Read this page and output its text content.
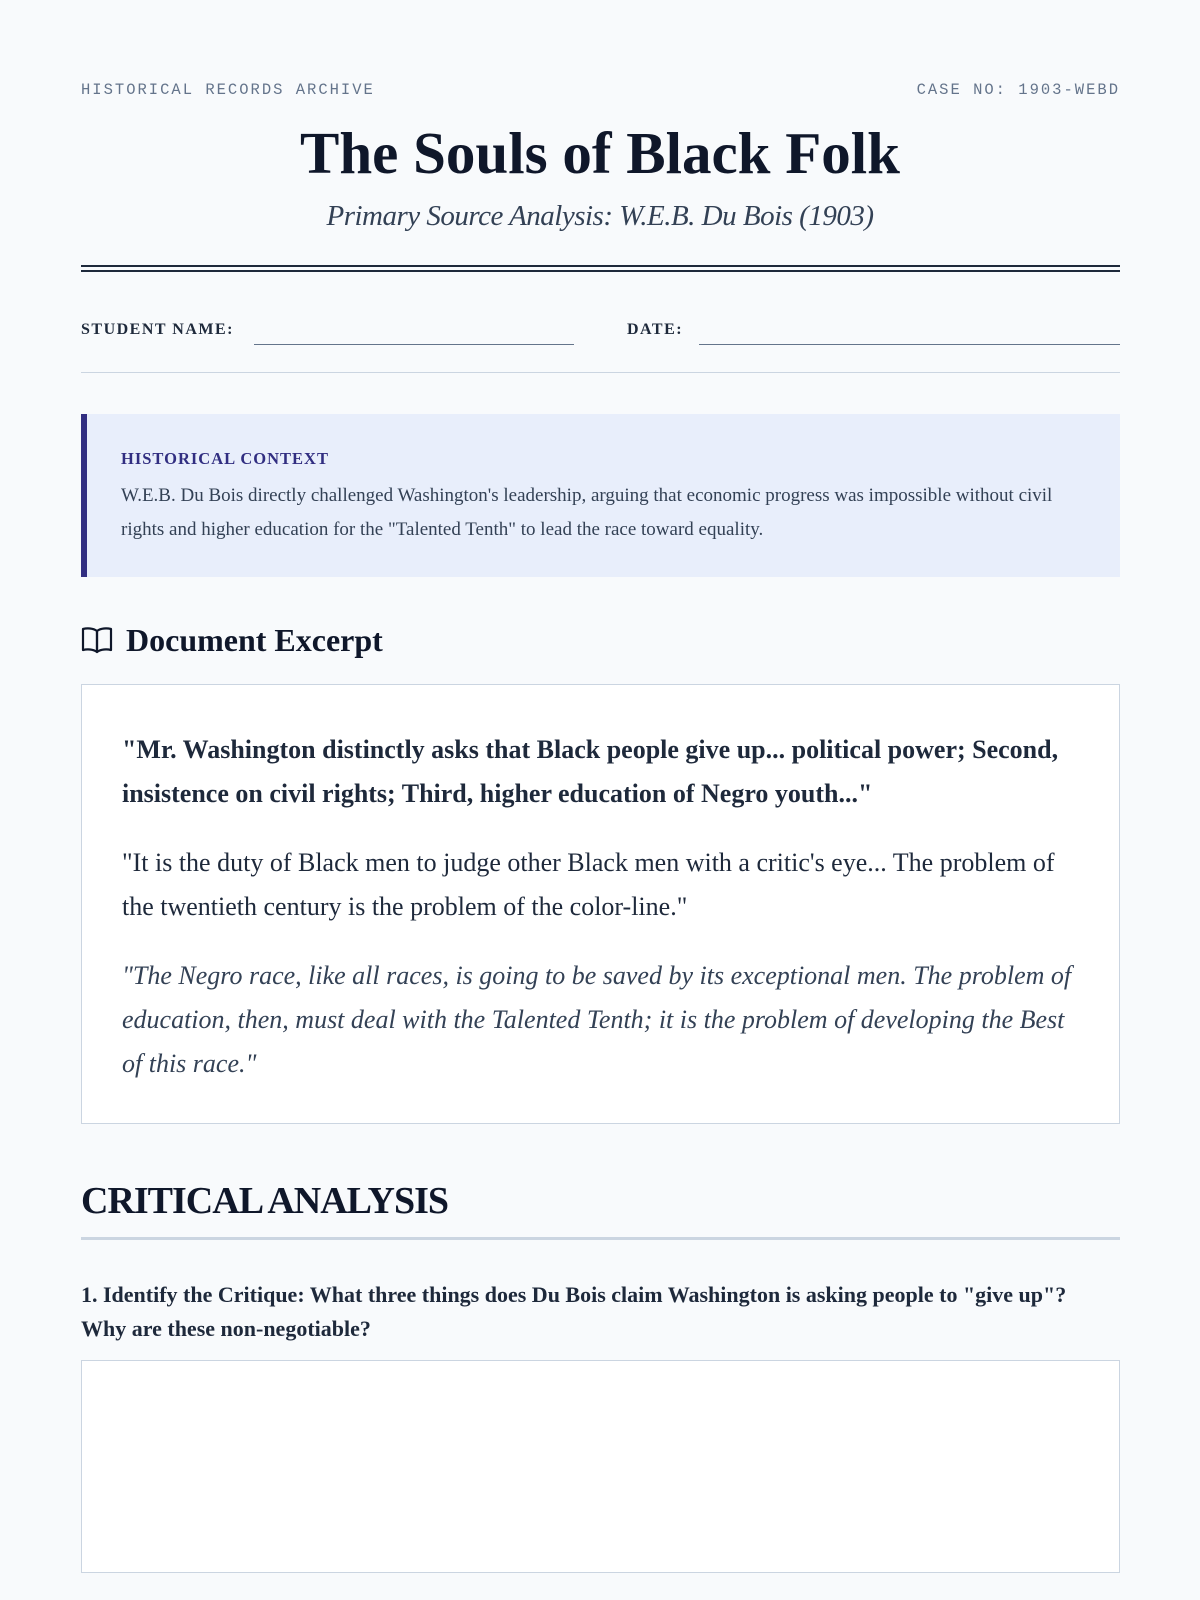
HISTORICAL RECORDS ARCHIVE	CASE NO: 1903-WEBD
The Souls of Black Folk
Primary Source Analysis: W.E.B. Du Bois (1903)
STUDENT NAME:	DATE:
HISTORICAL CONTEXT
W.E.B. Du Bois directly challenged Washington's leadership, arguing that economic progress was impossible without civil rights and higher education for the "Talented Tenth" to lead the race toward equality.
Document Excerpt

"Mr. Washington distinctly asks that Black people give up... political power; Second, insistence on civil rights; Third, higher education of Negro youth..."

"It is the duty of Black men to judge other Black men with a critic's eye... The problem of the twentieth century is the problem of the color-line."

"The Negro race, like all races, is going to be saved by its exceptional men. The problem of education, then, must deal with the Talented Tenth; it is the problem of developing the Best of this race."

CRITICAL ANALYSIS
1. Identify the Critique: What three things does Du Bois claim Washington is asking people to "give up"? Why are these non-negotiable?
